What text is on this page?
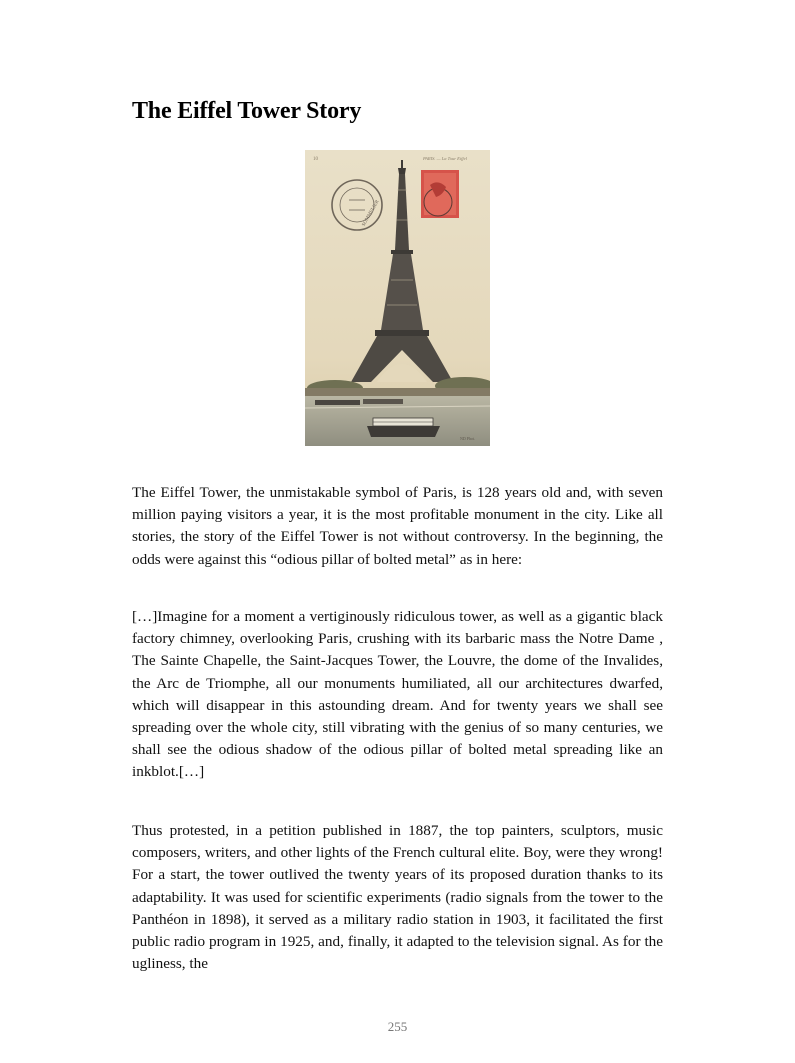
The Eiffel Tower Story
10	PARIS. — La Tour Eiffel
SOMMELIER
ND Phot.

The Eiffel Tower, the unmistakable symbol of Paris, is 128 years old and, with seven million paying visitors a year, it is the most profitable monument in the city. Like all stories, the story of the Eiffel Tower is not without controversy. In the beginning, the odds were against this “odious pillar of bolted metal” as in here:

[…]Imagine for a moment a vertiginously ridiculous tower, as well as a gigantic black factory chimney, overlooking Paris, crushing with its barbaric mass the Notre Dame , The Sainte Chapelle, the Saint-Jacques Tower, the Louvre, the dome of the Invalides, the Arc de Triomphe, all our monuments humiliated, all our architectures dwarfed, which will disappear in this astounding dream. And for twenty years we shall see spreading over the whole city, still vibrating with the genius of so many centuries, we shall see the odious shadow of the odious pillar of bolted metal spreading like an inkblot.[…]

Thus protested, in a petition published in 1887, the top painters, sculptors, music composers, writers, and other lights of the French cultural elite. Boy, were they wrong! For a start, the tower outlived the twenty years of its proposed duration thanks to its adaptability. It was used for scientific experiments (radio signals from the tower to the Panthéon in 1898), it served as a military radio station in 1903, it facilitated the first public radio program in 1925, and, finally, it adapted to the television signal. As for the ugliness, the

255
